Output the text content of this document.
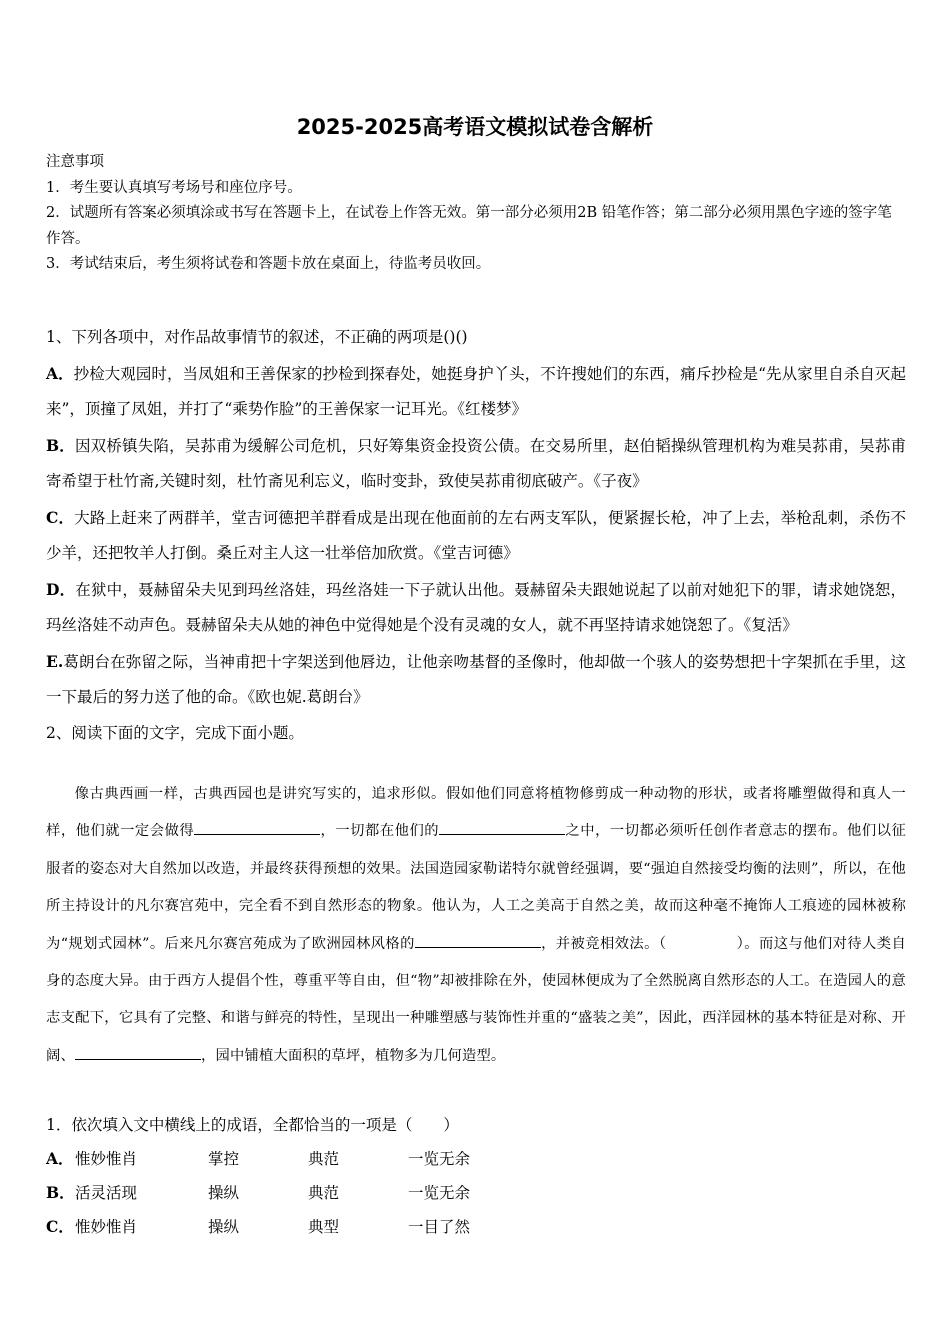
2025-2025高考语文模拟试卷含解析

注意事项

1．考生要认真填写考场号和座位序号。

2．试题所有答案必须填涂或书写在答题卡上，在试卷上作答无效。第一部分必须用2B 铅笔作答；第二部分必须用黑色字迹的签字笔作答。

3．考试结束后，考生须将试卷和答题卡放在桌面上，待监考员收回。

1、下列各项中，对作品故事情节的叙述，不正确的两项是()()

A．抄检大观园时，当凤姐和王善保家的抄检到探春处，她挺身护丫头，不许搜她们的东西，痛斥抄检是“先从家里自杀自灭起来”，顶撞了凤姐，并打了“乘势作脸”的王善保家一记耳光。《红楼梦》

B．因双桥镇失陷，吴荪甫为缓解公司危机，只好筹集资金投资公债。在交易所里，赵伯韬操纵管理机构为难吴荪甫，吴荪甫寄希望于杜竹斋,关键时刻，杜竹斋见利忘义，临时变卦，致使吴荪甫彻底破产。《子夜》

C．大路上赶来了两群羊，堂吉诃德把羊群看成是出现在他面前的左右两支军队，便紧握长枪，冲了上去，举枪乱刺，杀伤不少羊，还把牧羊人打倒。桑丘对主人这一壮举倍加欣赏。《堂吉诃德》

D．在狱中，聂赫留朵夫见到玛丝洛娃，玛丝洛娃一下子就认出他。聂赫留朵夫跟她说起了以前对她犯下的罪，请求她饶恕，玛丝洛娃不动声色。聂赫留朵夫从她的神色中觉得她是个没有灵魂的女人，就不再坚持请求她饶恕了。《复活》

E.葛朗台在弥留之际，当神甫把十字架送到他唇边，让他亲吻基督的圣像时，他却做一个骇人的姿势想把十字架抓在手里，这一下最后的努力送了他的命。《欧也妮.葛朗台》

2、阅读下面的文字，完成下面小题。

像古典西画一样，古典西园也是讲究写实的，追求形似。假如他们同意将植物修剪成一种动物的形状，或者将雕塑做得和真人一样，他们就一定会做得	，一切都在他们的	之中，一切都必须听任创作者意志的摆布。他们以征服者的姿态对大自然加以改造，并最终获得预想的效果。法国造园家勒诺特尔就曾经强调，要“强迫自然接受均衡的法则”，所以，在他所主持设计的凡尔赛宫苑中，完全看不到自然形态的物象。他认为，人工之美高于自然之美，故而这种毫不掩饰人工痕迹的园林被称为“规划式园林”。后来凡尔赛宫苑成为了欧洲园林风格的	，并被竞相效法。（	）。而这与他们对待人类自身的态度大异。由于西方人提倡个性，尊重平等自由，但“物”却被排除在外，使园林便成为了全然脱离自然形态的人工。在造园人的意志支配下，它具有了完整、和谐与鲜亮的特性，呈现出一种雕塑感与装饰性并重的“盛装之美”，因此，西洋园林的基本特征是对称、开阔、	，园中铺植大面积的草坪，植物多为几何造型。

1．依次填入文中横线上的成语，全都恰当的一项是（　　）
A． 惟妙惟肖	掌控	典范	一览无余
B． 活灵活现	操纵	典范	一览无余
C． 惟妙惟肖	操纵	典型	一目了然
